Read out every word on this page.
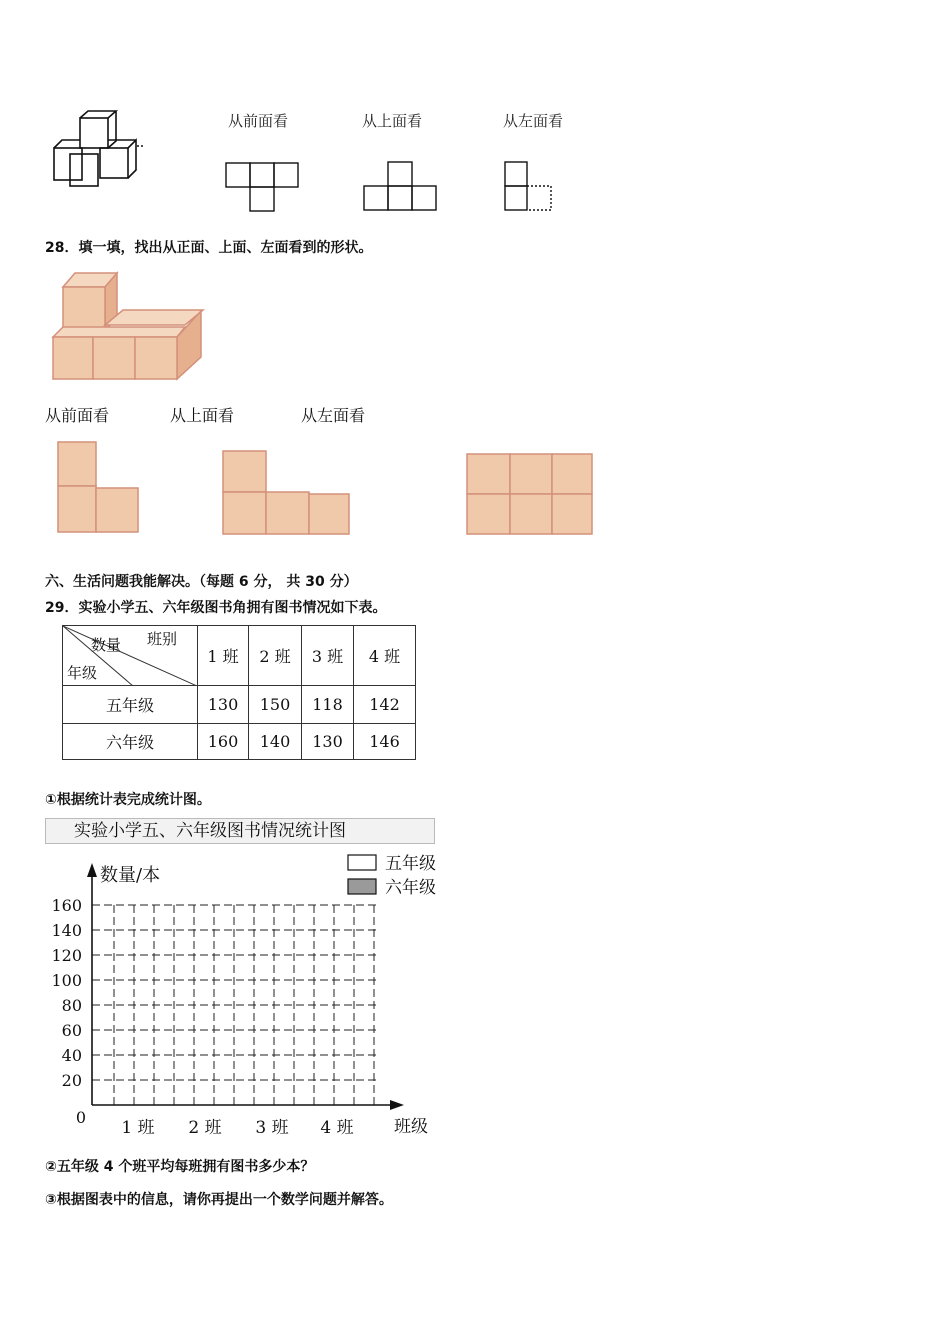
从前面看	从上面看	从左面看
28．填一填，找出从正面、上面、左面看到的形状。
从前面看	从上面看	从左面看
六、生活问题我能解决。（每题 6 分， 共 30 分）
29．实验小学五、六年级图书角拥有图书情况如下表。
班别
数量
年级	1 班	2 班	3 班	4 班
五年级	130	150	118	142
六年级	160	140	130	146
①根据统计表完成统计图。
实验小学五、六年级图书情况统计图
0
20
40
60
80
100
120
140
160
数量/本
班级
1 班 2 班 3 班 4 班
五年级
六年级
②五年级 4 个班平均每班拥有图书多少本？
③根据图表中的信息，请你再提出一个数学问题并解答。
